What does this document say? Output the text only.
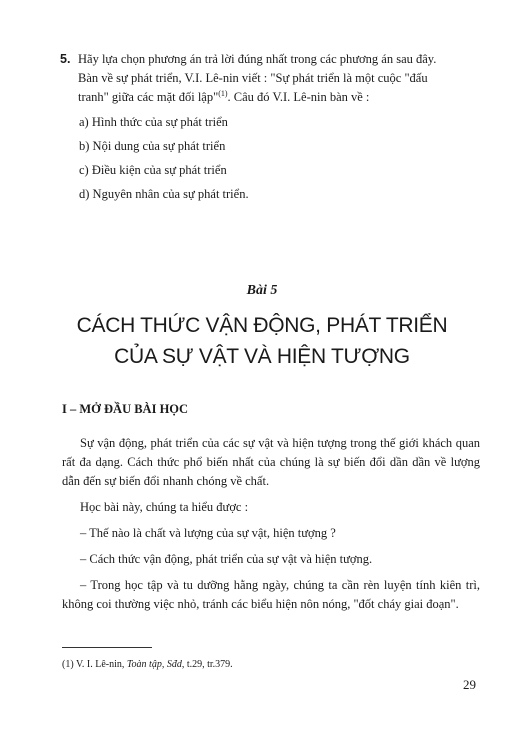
5. Hãy lựa chọn phương án trả lời đúng nhất trong các phương án sau đây.
Bàn về sự phát triển, V.I. Lê-nin viết : "Sự phát triển là một cuộc "đấu
tranh" giữa các mặt đối lập"$^{(1)}$. Câu đó V.I. Lê-nin bàn về :
a) Hình thức của sự phát triển
b) Nội dung của sự phát triển
c) Điều kiện của sự phát triển
d) Nguyên nhân của sự phát triển.
Bài 5
CÁCH THỨC VẬN ĐỘNG, PHÁT TRIỂN
CỦA SỰ VẬT VÀ HIỆN TƯỢNG
I – MỞ ĐẦU BÀI HỌC
Sự vận động, phát triển của các sự vật và hiện tượng trong thế giới khách quan rất đa dạng. Cách thức phổ biến nhất của chúng là sự biến đổi dần dần về lượng dẫn đến sự biến đổi nhanh chóng về chất.
Học bài này, chúng ta hiểu được :
– Thế nào là chất và lượng của sự vật, hiện tượng ?
– Cách thức vận động, phát triển của sự vật và hiện tượng.
– Trong học tập và tu dưỡng hằng ngày, chúng ta cần rèn luyện tính kiên trì, không coi thường việc nhỏ, tránh các biểu hiện nôn nóng, "đốt cháy giai đoạn".
(1) V. I. Lê-nin, Toàn tập, Sđd, t.29, tr.379.
29
